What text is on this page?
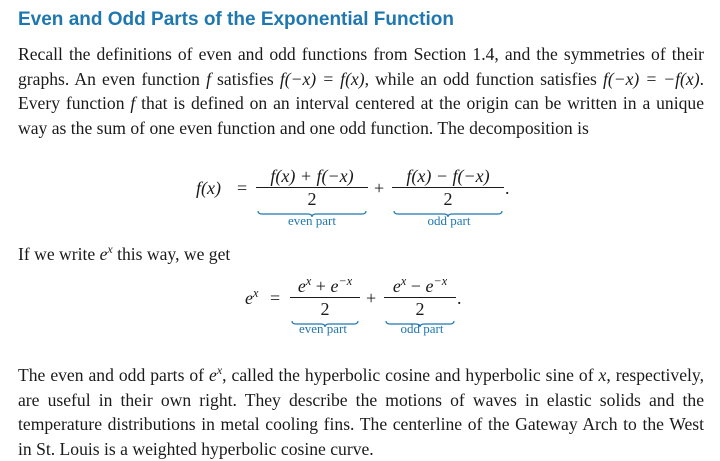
Even and Odd Parts of the Exponential Function

Recall the definitions of even and odd functions from Section 1.4, and the symmetries of their graphs. An even function f satisfies f(−x) = f(x), while an odd function satisfies f(−x) = −f(x). Every function f that is defined on an interval centered at the origin can be written in a unique way as the sum of one even function and one odd function. The decomposition is

f(x) =
f(x) + f(−x)
2
even part
+
f(x) − f(−x)
2
.
odd part

If we write $e^x$ this way, we get

$e^x$ =
$e^x + e^{-x}$
2
even part
+
$e^x - e^{-x}$
2
.
odd part

The even and odd parts of $e^x$, called the hyperbolic cosine and hyperbolic sine of x, respectively, are useful in their own right. They describe the motions of waves in elastic solids and the temperature distributions in metal cooling fins. The centerline of the Gateway Arch to the West in St. Louis is a weighted hyperbolic cosine curve.
